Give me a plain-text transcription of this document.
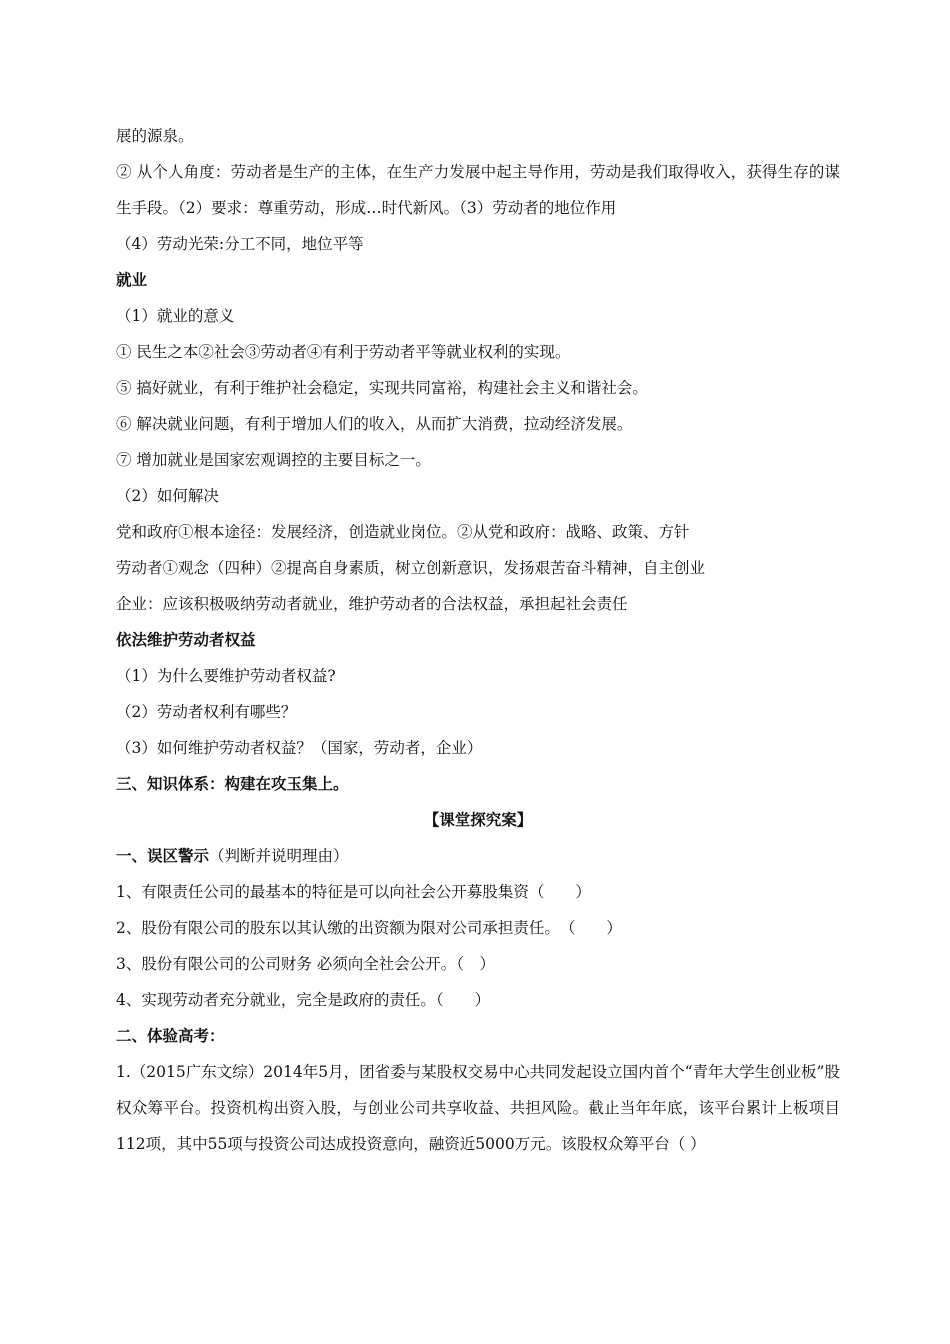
展的源泉。
② 从个人角度：劳动者是生产的主体，在生产力发展中起主导作用，劳动是我们取得收入，获得生存的谋生手段。（2）要求：尊重劳动，形成…时代新风。（3）劳动者的地位作用
（4）劳动光荣:分工不同，地位平等
就业
（1）就业的意义
① 民生之本②社会③劳动者④有利于劳动者平等就业权利的实现。
⑤ 搞好就业，有利于维护社会稳定，实现共同富裕，构建社会主义和谐社会。
⑥ 解决就业问题，有利于增加人们的收入，从而扩大消费，拉动经济发展。
⑦ 增加就业是国家宏观调控的主要目标之一。
（2）如何解决
党和政府①根本途径：发展经济，创造就业岗位。②从党和政府：战略、政策、方针
劳动者①观念（四种）②提高自身素质，树立创新意识，发扬艰苦奋斗精神，自主创业
企业：应该积极吸纳劳动者就业，维护劳动者的合法权益，承担起社会责任
依法维护劳动者权益
（1）为什么要维护劳动者权益?
（2）劳动者权利有哪些？
（3）如何维护劳动者权益？（国家，劳动者，企业）
三、知识体系：构建在攻玉集上。
【课堂探究案】
一、误区警示（判断并说明理由）
1、有限责任公司的最基本的特征是可以向社会公开募股集资（　　）
2、股份有限公司的股东以其认缴的出资额为限对公司承担责任。　（　　）
3、股份有限公司的公司财务 必须向全社会公开。（　）
4、实现劳动者充分就业，完全是政府的责任。（　　）
二、体验高考：
1.（2015广东文综）2014年5月，团省委与某股权交易中心共同发起设立国内首个“青年大学生创业板”股权众筹平台。投资机构出资入股，与创业公司共享收益、共担风险。截止当年年底，该平台累计上板项目112项，其中55项与投资公司达成投资意向，融资近5000万元。该股权众筹平台（ ）
